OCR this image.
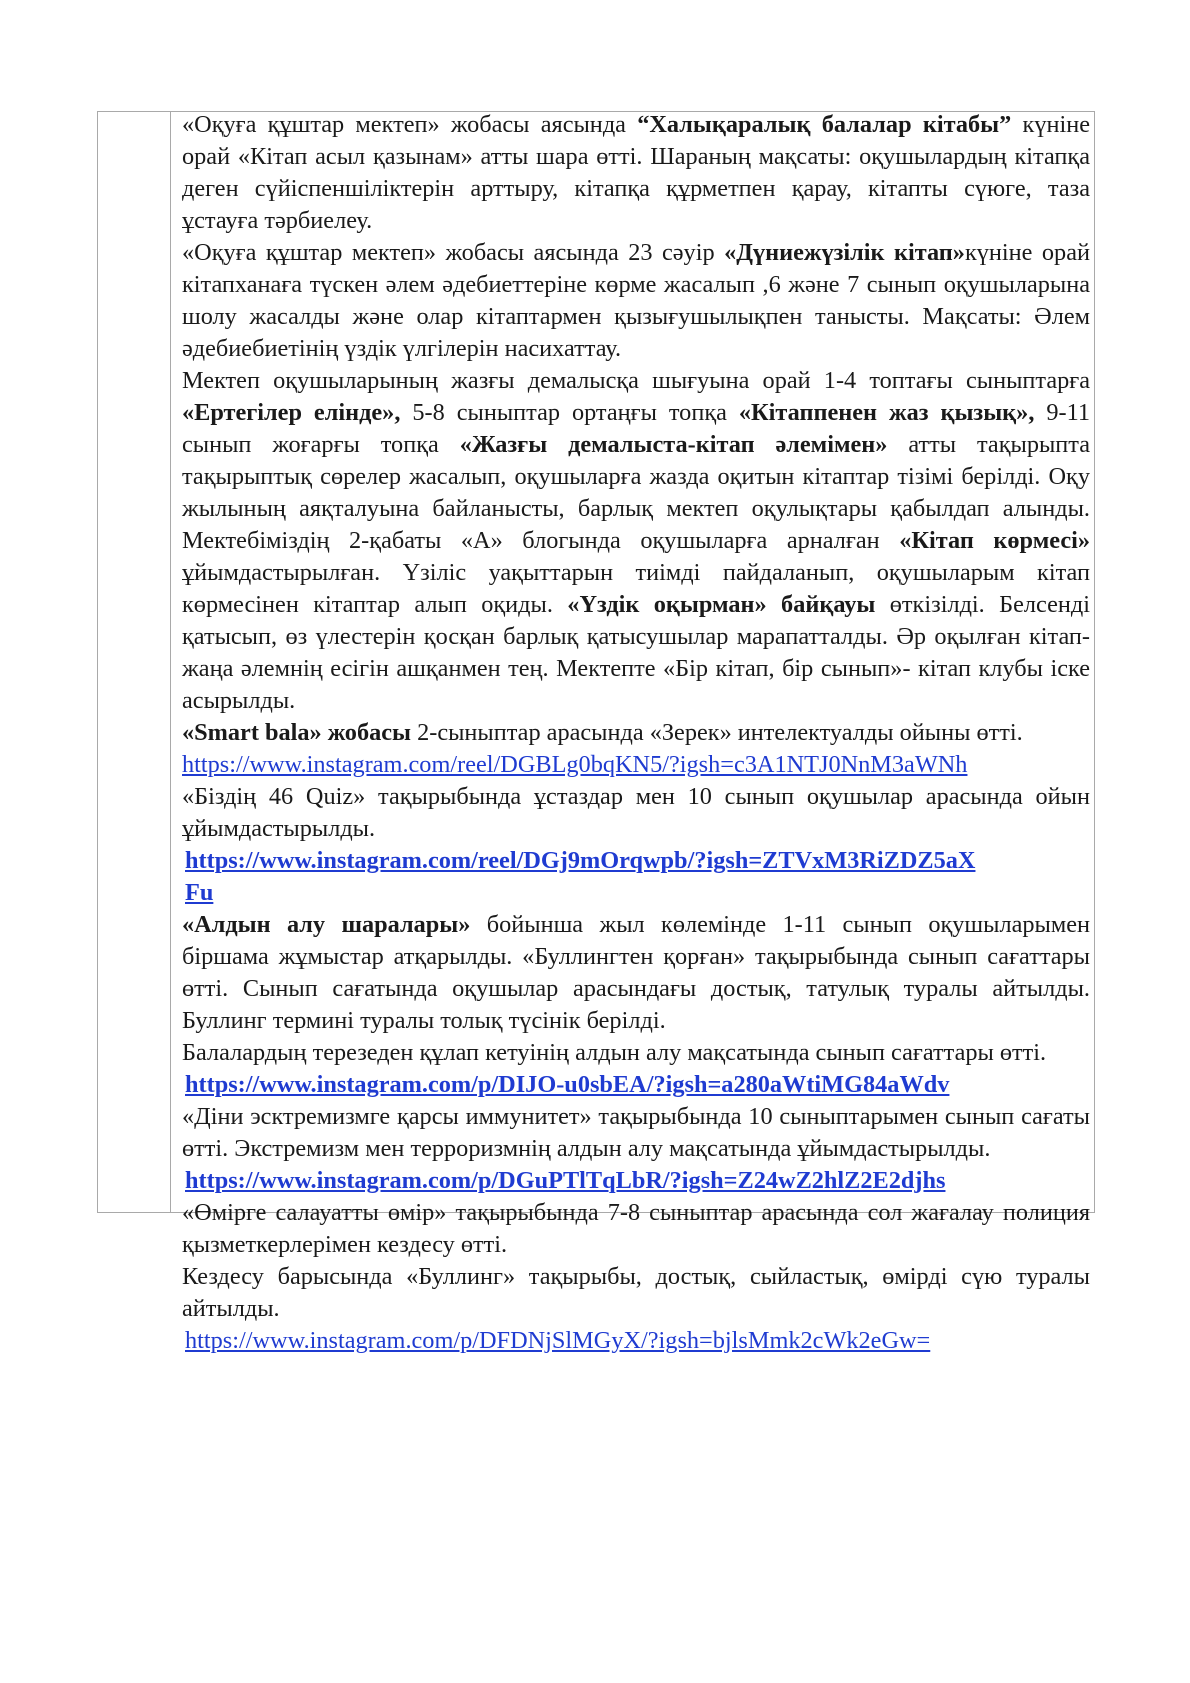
«Оқуға құштар мектеп» жобасы аясында “Халықаралық балалар кітабы” күніне орай «Кітап асыл қазынам» атты шара өтті. Шараның мақсаты: оқушылардың кітапқа деген сүйіспеншіліктерін арттыру, кітапқа құрметпен қарау, кітапты сүюге, таза ұстауға тәрбиелеу.

«Оқуға құштар мектеп» жобасы аясында 23 сәуір «Дүниежүзілік кітап»күніне орай кітапханаға түскен әлем әдебиеттеріне көрме жасалып ,6 және 7 сынып оқушыларына шолу жасалды және олар кітаптармен қызығушылықпен танысты. Мақсаты: Әлем әдебиебиетінің үздік үлгілерін насихаттау.

Мектеп оқушыларының жазғы демалысқа шығуына орай 1-4 топтағы сыныптарға «Ертегілер елінде», 5-8 сыныптар ортаңғы топқа «Кітаппенен жаз қызық», 9-11 сынып жоғарғы топқа «Жазғы демалыста-кітап әлемімен» атты тақырыпта тақырыптық сөрелер жасалып, оқушыларға жазда оқитын кітаптар тізімі берілді. Оқу жылының аяқталуына байланысты, барлық мектеп оқулықтары қабылдап алынды. Мектебіміздің 2-қабаты «А» блогында оқушыларға арналған «Кітап көрмесі» ұйымдастырылған. Үзіліс уақыттарын тиімді пайдаланып, оқушыларым кітап көрмесінен кітаптар алып оқиды. «Үздік оқырман» байқауы өткізілді. Белсенді қатысып, өз үлестерін қосқан барлық қатысушылар марапатталды. Әр оқылған кітап- жаңа әлемнің есігін ашқанмен тең. Мектепте «Бір кітап, бір сынып»- кітап клубы іске асырылды.

«Smart bala» жобасы 2-сыныптар арасында «Зерек» интелектуалды ойыны өтті.

https://www.instagram.com/reel/DGBLg0bqKN5/?igsh=c3A1NTJ0NnM3aWNh

«Біздің 46 Quiz» тақырыбында ұстаздар мен 10 сынып оқушылар арасында ойын ұйымдастырылды.

https://www.instagram.com/reel/DGj9mOrqwpb/?igsh=ZTVxM3RiZDZ5aX
Fu

«Алдын алу шаралары» бойынша жыл көлемінде 1-11 сынып оқушыларымен біршама жұмыстар атқарылды. «Буллингтен қорған» тақырыбында сынып сағаттары өтті. Сынып сағатында оқушылар арасындағы достық, татулық туралы айтылды. Буллинг термині туралы толық түсінік берілді.

Балалардың терезеден құлап кетуінің алдын алу мақсатында сынып сағаттары өтті.

https://www.instagram.com/p/DIJO-u0sbEA/?igsh=a280aWtiMG84aWdv

«Діни эсктремизмге қарсы иммунитет» тақырыбында 10 сыныптарымен сынып сағаты өтті. Экстремизм мен терроризмнің алдын алу мақсатында ұйымдастырылды.

https://www.instagram.com/p/DGuPTlTqLbR/?igsh=Z24wZ2hlZ2E2djhs

«Өмірге салауатты өмір» тақырыбында 7-8 сыныптар арасында сол жағалау полиция қызметкерлерімен кездесу өтті.

Кездесу барысында «Буллинг» тақырыбы, достық, сыйластық, өмірді сүю туралы айтылды.

https://www.instagram.com/p/DFDNjSlMGyX/?igsh=bjlsMmk2cWk2eGw=
